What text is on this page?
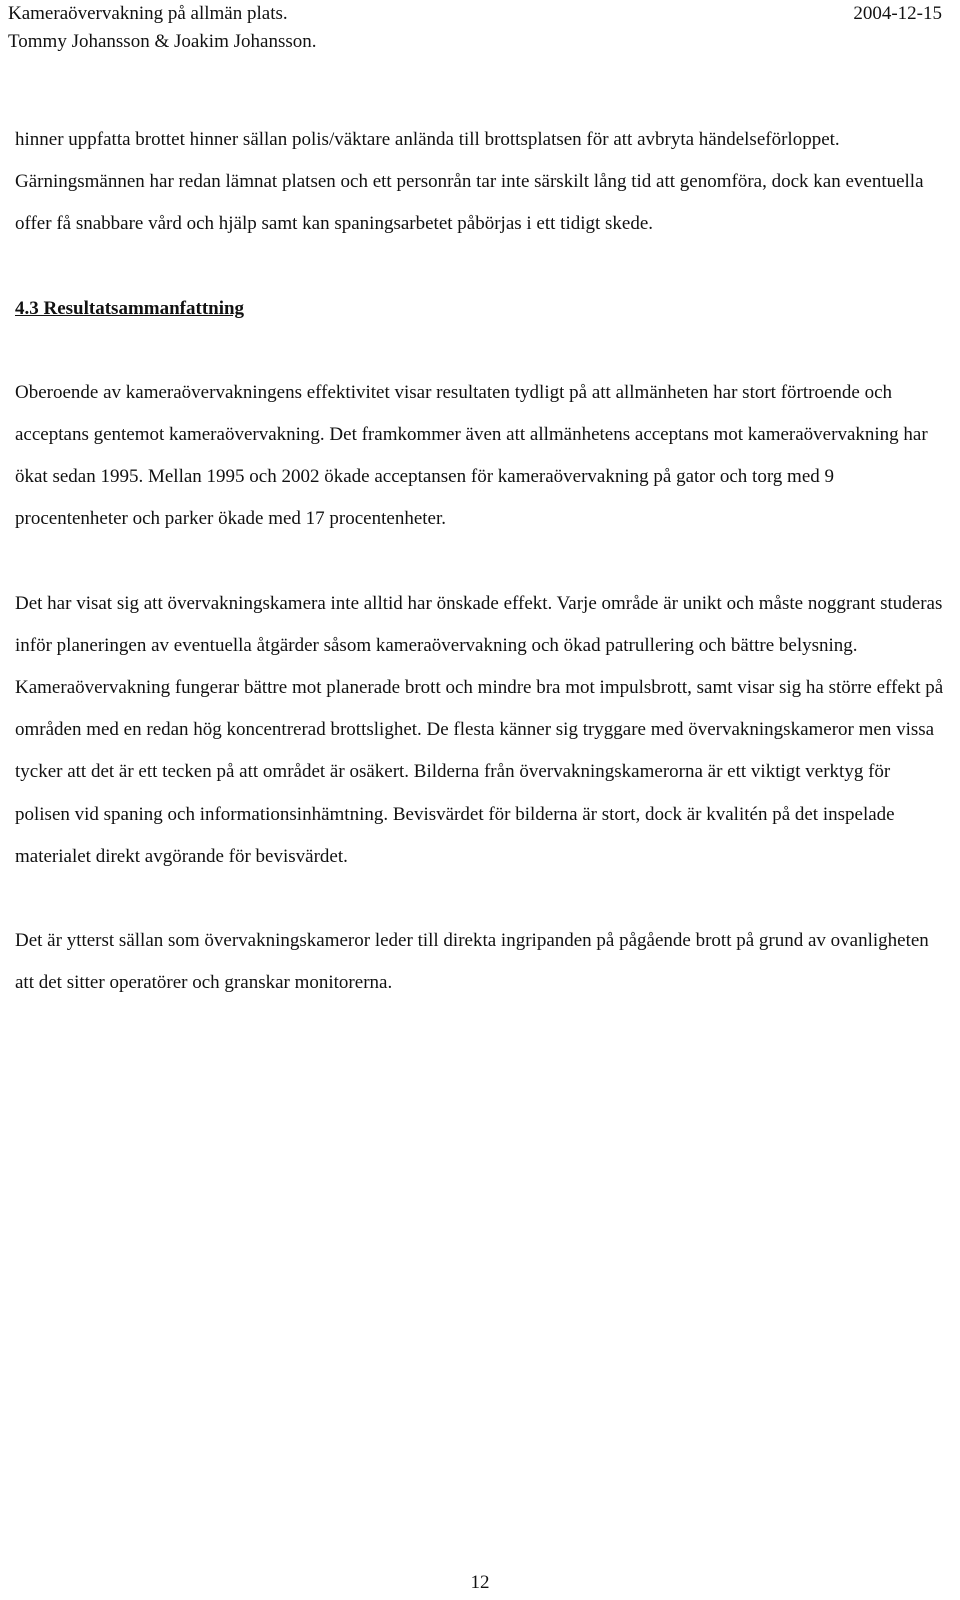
Kameraövervakning på allmän plats.	2004-12-15
Tommy Johansson & Joakim Johansson.

hinner uppfatta brottet hinner sällan polis/väktare anlända till brottsplatsen för att avbryta händelseförloppet. Gärningsmännen har redan lämnat platsen och ett personrån tar inte särskilt lång tid att genomföra, dock kan eventuella offer få snabbare vård och hjälp samt kan spaningsarbetet påbörjas i ett tidigt skede.

4.3 Resultatsammanfattning

Oberoende av kameraövervakningens effektivitet visar resultaten tydligt på att allmänheten har stort förtroende och acceptans gentemot kameraövervakning. Det framkommer även att allmänhetens acceptans mot kameraövervakning har ökat sedan 1995. Mellan 1995 och 2002 ökade acceptansen för kameraövervakning på gator och torg med 9 procentenheter och parker ökade med 17 procentenheter.

Det har visat sig att övervakningskamera inte alltid har önskade effekt. Varje område är unikt och måste noggrant studeras inför planeringen av eventuella åtgärder såsom kameraövervakning och ökad patrullering och bättre belysning. Kameraövervakning fungerar bättre mot planerade brott och mindre bra mot impulsbrott, samt visar sig ha större effekt på områden med en redan hög koncentrerad brottslighet. De flesta känner sig tryggare med övervakningskameror men vissa tycker att det är ett tecken på att området är osäkert. Bilderna från övervakningskamerorna är ett viktigt verktyg för polisen vid spaning och informationsinhämtning. Bevisvärdet för bilderna är stort, dock är kvalitén på det inspelade materialet direkt avgörande för bevisvärdet.

Det är ytterst sällan som övervakningskameror leder till direkta ingripanden på pågående brott på grund av ovanligheten att det sitter operatörer och granskar monitorerna.

12
